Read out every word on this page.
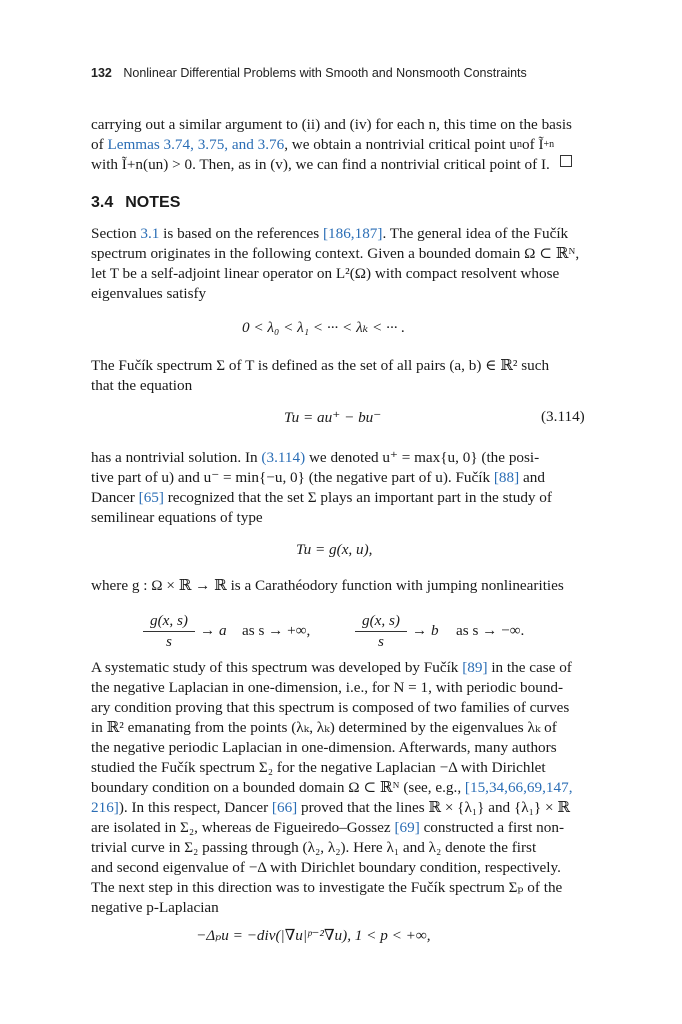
132 Nonlinear Differential Problems with Smooth and Nonsmooth Constraints
carrying out a similar argument to (ii) and (iv) for each n, this time on the basis
of
Lemmas 3.74, 3.75, and 3.76 , we obtain a nontrivial critical point u n of Ĩ +n
with Ĩ+n(un) > 0. Then, as in (v), we can find a nontrivial critical point of I.
3.4 NOTES
Section
3.1
is based on the references
[186,187] . The general idea of the Fučík
spectrum originates in the following context. Given a bounded domain Ω ⊂ ℝᴺ,
let T be a self-adjoint linear operator on L²(Ω) with compact resolvent whose
eigenvalues satisfy
0 < λ₀ < λ₁ < ··· < λₖ < ··· .
The Fučík spectrum Σ of T is defined as the set of all pairs (a, b) ∈ ℝ² such
that the equation
Tu = au⁺ − bu⁻	(3.114)
has a nontrivial solution. In
(3.114)
we denoted u⁺ = max{u, 0} (the posi-
tive part of u) and u⁻ = min{−u, 0} (the negative part of u). Fučík
[88]
and
Dancer
[65]
recognized that the set Σ plays an important part in the study of
semilinear equations of type
Tu = g(x, u),
where g : Ω × ℝ → ℝ is a Carathéodory function with jumping nonlinearities
$\frac{g(x, s)}{s} \to a$ as s → +∞,	$\frac{g(x, s)}{s} \to b$ as s → −∞.
A systematic study of this spectrum was developed by Fučík
[89]
in the case of
the negative Laplacian in one-dimension, i.e., for N = 1, with periodic bound-
ary condition proving that this spectrum is composed of two families of curves
in ℝ² emanating from the points (λₖ, λₖ) determined by the eigenvalues λₖ of
the negative periodic Laplacian in one-dimension. Afterwards, many authors
studied the Fučík spectrum Σ₂ for the negative Laplacian −Δ with Dirichlet
boundary condition on a bounded domain Ω ⊂ ℝᴺ (see, e.g.,
[15,34,66,69,147,
216] ). In this respect, Dancer
[66]
proved that the lines ℝ × {λ₁} and {λ₁} × ℝ
are isolated in Σ₂, whereas de Figueiredo–Gossez
[69]
constructed a first non-
trivial curve in Σ₂ passing through (λ₂, λ₂). Here λ₁ and λ₂ denote the first
and second eigenvalue of −Δ with Dirichlet boundary condition, respectively.
The next step in this direction was to investigate the Fučík spectrum Σₚ of the
negative p-Laplacian
−Δₚu = −div(|∇u|ᵖ⁻²∇u), 1 < p < +∞,
